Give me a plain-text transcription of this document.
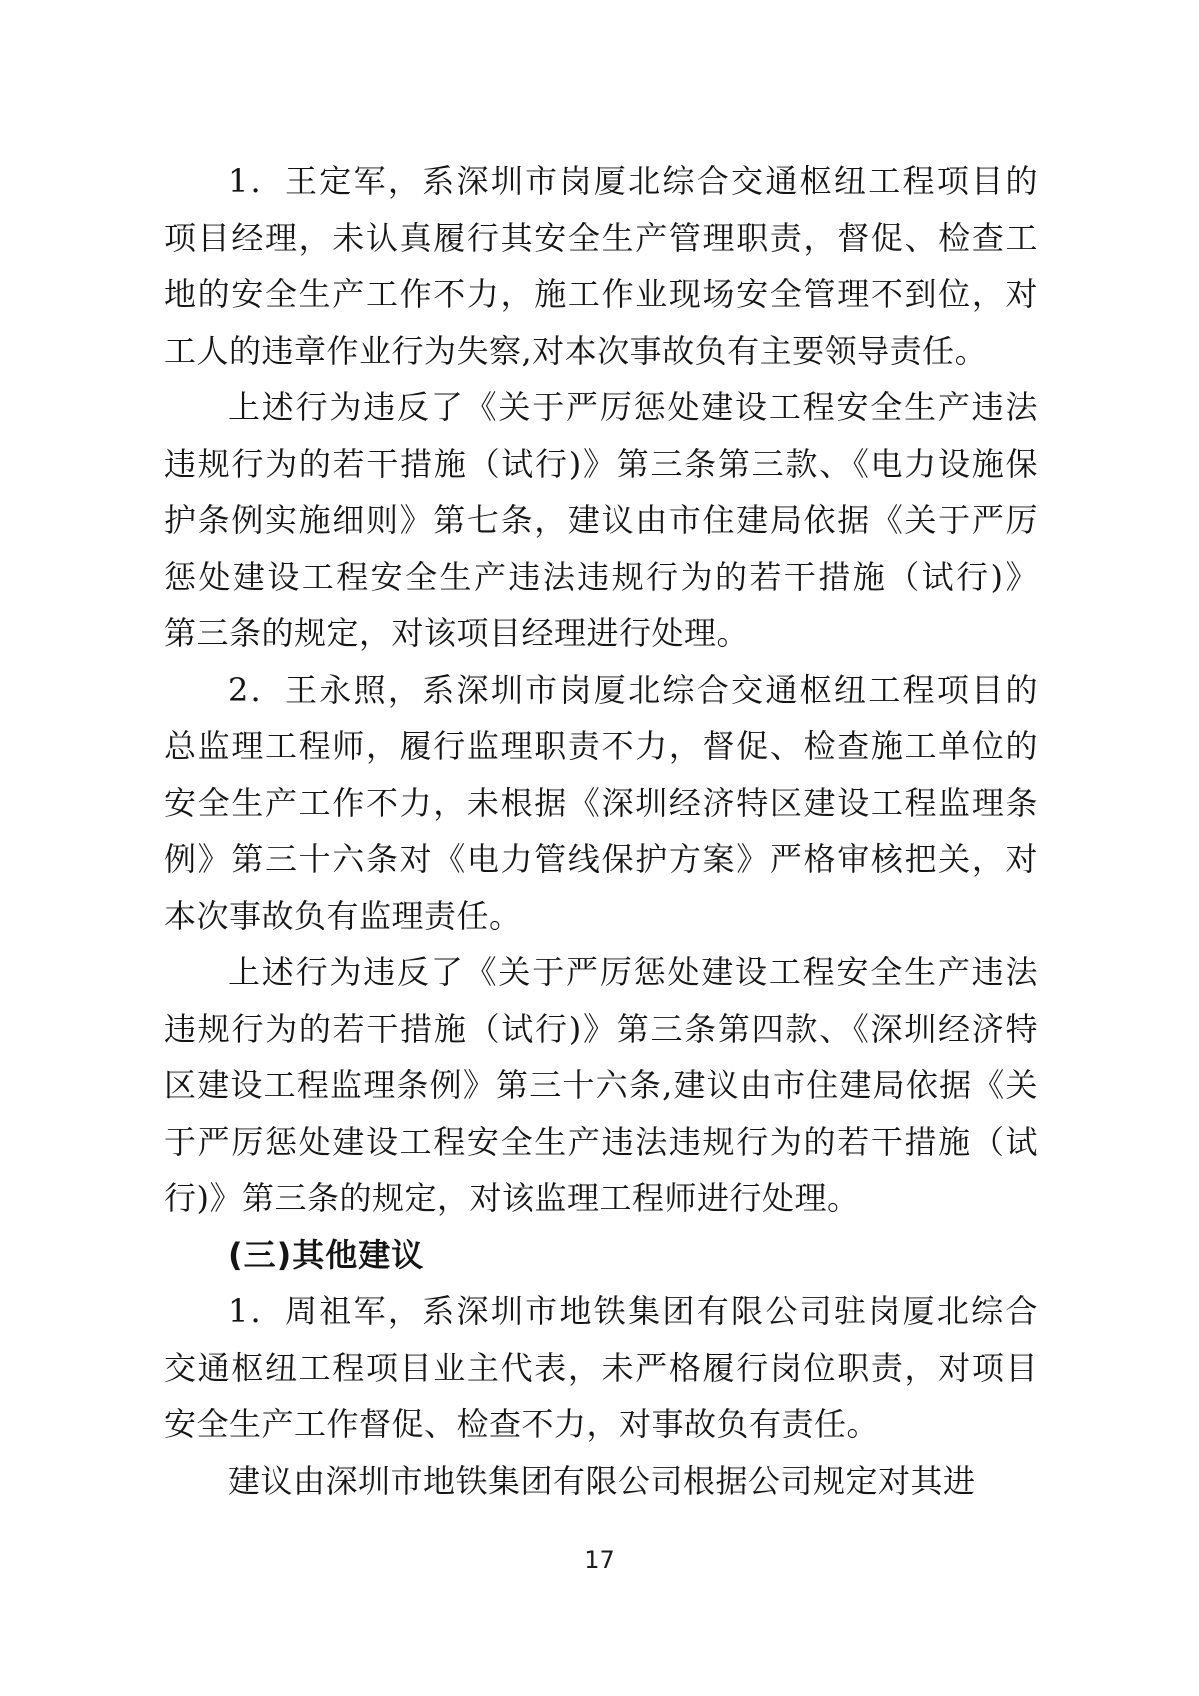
1．王定军，系深圳市岗厦北综合交通枢纽工程项目的
项目经理，未认真履行其安全生产管理职责，督促、检查工
地的安全生产工作不力，施工作业现场安全管理不到位，对
工人的违章作业行为失察,对本次事故负有主要领导责任。
上述行为违反了《关于严厉惩处建设工程安全生产违法
违规行为的若干措施（试行)》第三条第三款、《电力设施保
护条例实施细则》第七条，建议由市住建局依据《关于严厉
惩处建设工程安全生产违法违规行为的若干措施（试行)》
第三条的规定，对该项目经理进行处理。
2．王永照，系深圳市岗厦北综合交通枢纽工程项目的
总监理工程师，履行监理职责不力，督促、检查施工单位的
安全生产工作不力，未根据《深圳经济特区建设工程监理条
例》第三十六条对《电力管线保护方案》严格审核把关，对
本次事故负有监理责任。
上述行为违反了《关于严厉惩处建设工程安全生产违法
违规行为的若干措施（试行)》第三条第四款、《深圳经济特
区建设工程监理条例》第三十六条,建议由市住建局依据《关
于严厉惩处建设工程安全生产违法违规行为的若干措施（试
行)》第三条的规定，对该监理工程师进行处理。
(三)其他建议
1．周祖军，系深圳市地铁集团有限公司驻岗厦北综合
交通枢纽工程项目业主代表，未严格履行岗位职责，对项目
安全生产工作督促、检查不力，对事故负有责任。
建议由深圳市地铁集团有限公司根据公司规定对其进
17
